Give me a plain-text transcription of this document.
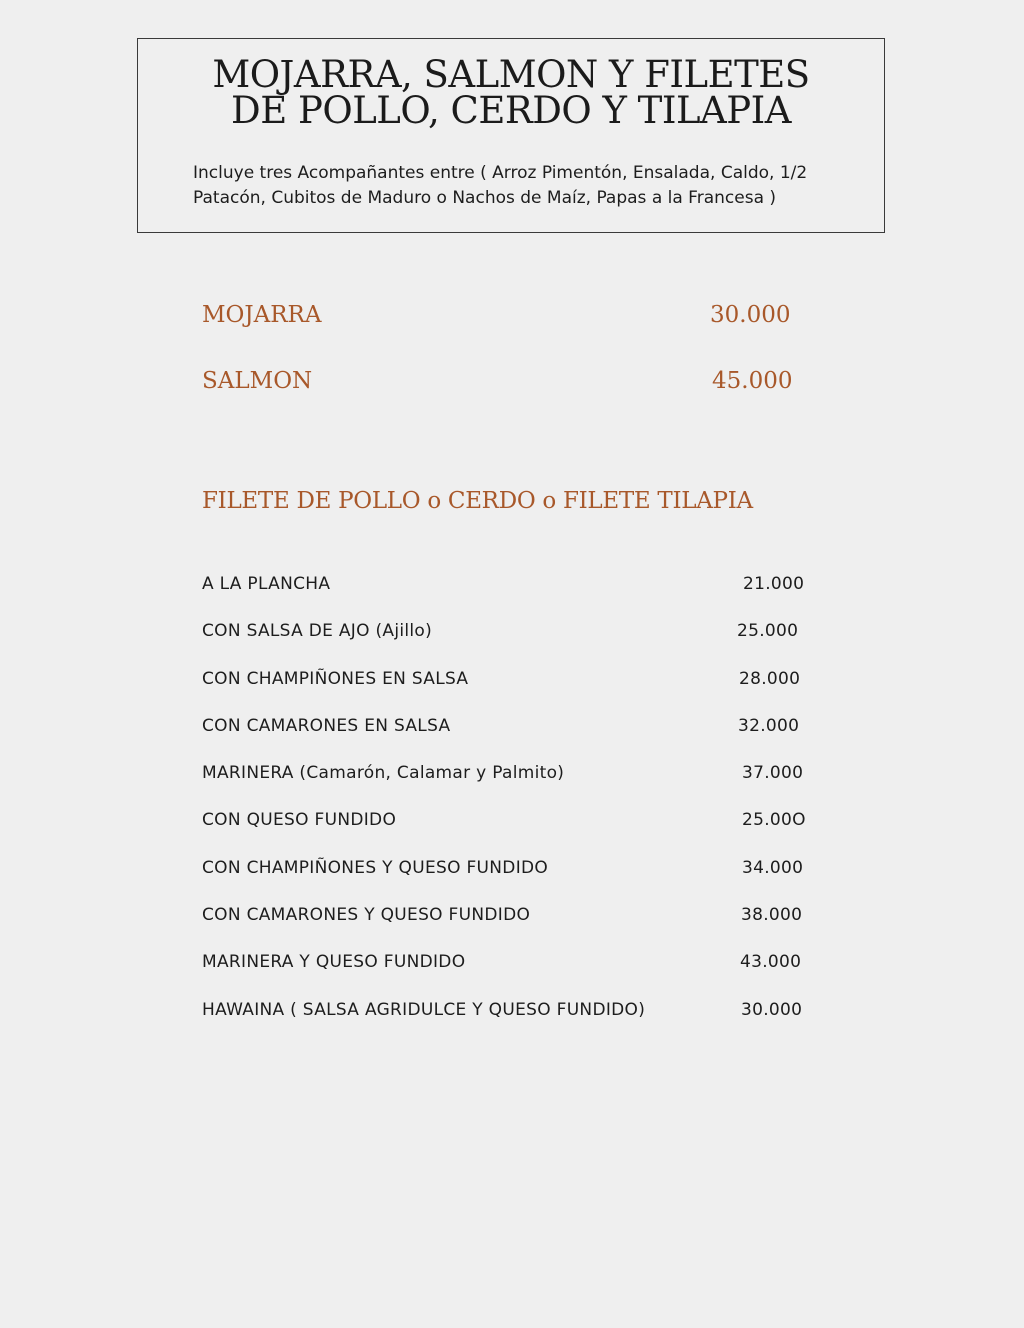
MOJARRA, SALMON Y FILETES
DE POLLO, CERDO Y TILAPIA

Incluye tres Acompañantes entre ( Arroz Pimentón, Ensalada, Caldo, 1/2 Patacón, Cubitos de Maduro o Nachos de Maíz, Papas a la Francesa )

MOJARRA	30.000
SALMON	45.000
FILETE DE POLLO o CERDO o FILETE TILAPIA
A LA PLANCHA	21.000
CON SALSA DE AJO (Ajillo)	25.000
CON CHAMPIÑONES EN SALSA	28.000
CON CAMARONES EN SALSA	32.000
MARINERA (Camarón, Calamar y Palmito)	37.000
CON QUESO FUNDIDO	25.00O
CON CHAMPIÑONES Y QUESO FUNDIDO	34.000
CON CAMARONES Y QUESO FUNDIDO	38.000
MARINERA Y QUESO FUNDIDO	43.000
HAWAINA ( SALSA AGRIDULCE Y QUESO FUNDIDO)	30.000
